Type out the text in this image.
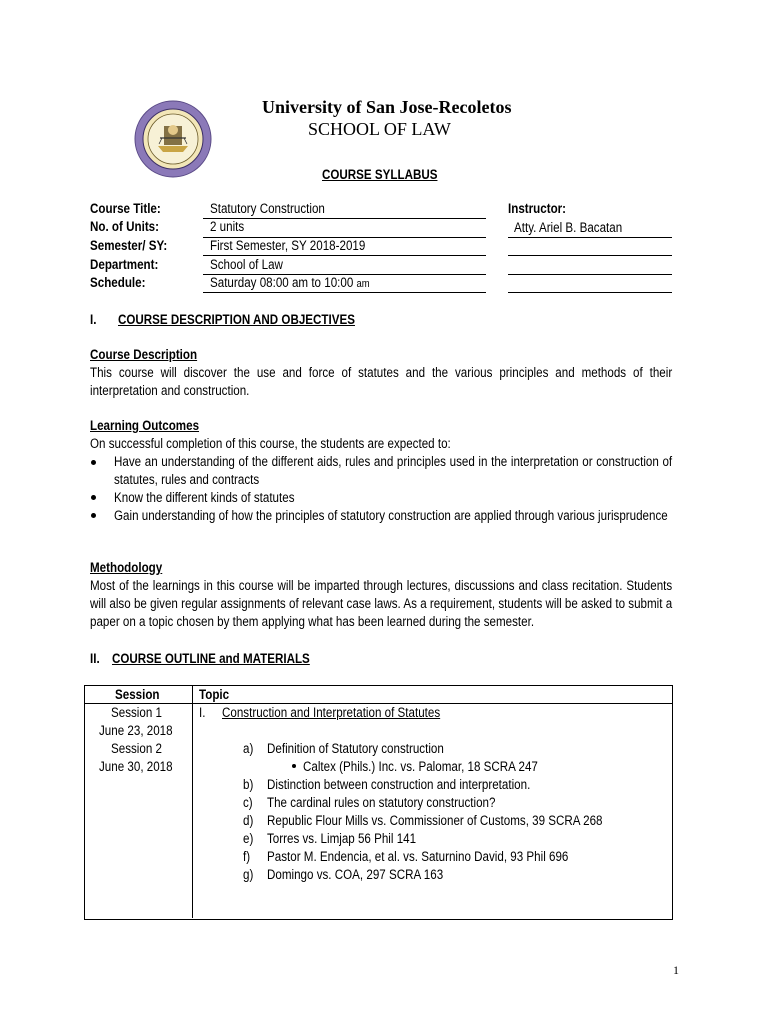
University of San Jose-Recoletos
SCHOOL OF LAW
COURSE SYLLABUS
Course Title:
No. of Units:
Semester/ SY:
Department:
Schedule:
Statutory Construction
2 units
First Semester, SY 2018-2019
School of Law
Saturday 08:00 am to 10:00 am
Instructor:
Atty. Ariel B. Bacatan
I. COURSE DESCRIPTION AND OBJECTIVES
Course Description
This course will discover the use and force of statutes and the various principles and methods of their interpretation and construction.
Learning Outcomes
On successful completion of this course, the students are expected to:
Have an understanding of the different aids, rules and principles used in the interpretation or construction of statutes, rules and contracts
Know the different kinds of statutes
Gain understanding of how the principles of statutory construction are applied through various jurisprudence
Methodology
Most of the learnings in this course will be imparted through lectures, discussions and class recitation. Students will also be given regular assignments of relevant case laws. As a requirement, students will be asked to submit a paper on a topic chosen by them applying what has been learned during the semester.
II. COURSE OUTLINE and MATERIALS
Session	Topic
Session 1
June 23, 2018
Session 2
June 30, 2018
I. Construction and Interpretation of Statutes
a) Definition of Statutory construction
Caltex (Phils.) Inc. vs. Palomar, 18 SCRA 247
b) Distinction between construction and interpretation.
c) The cardinal rules on statutory construction?
d) Republic Flour Mills vs. Commissioner of Customs, 39 SCRA 268
e) Torres vs. Limjap 56 Phil 141
f) Pastor M. Endencia, et al. vs. Saturnino David, 93 Phil 696
g) Domingo vs. COA, 297 SCRA 163
1
